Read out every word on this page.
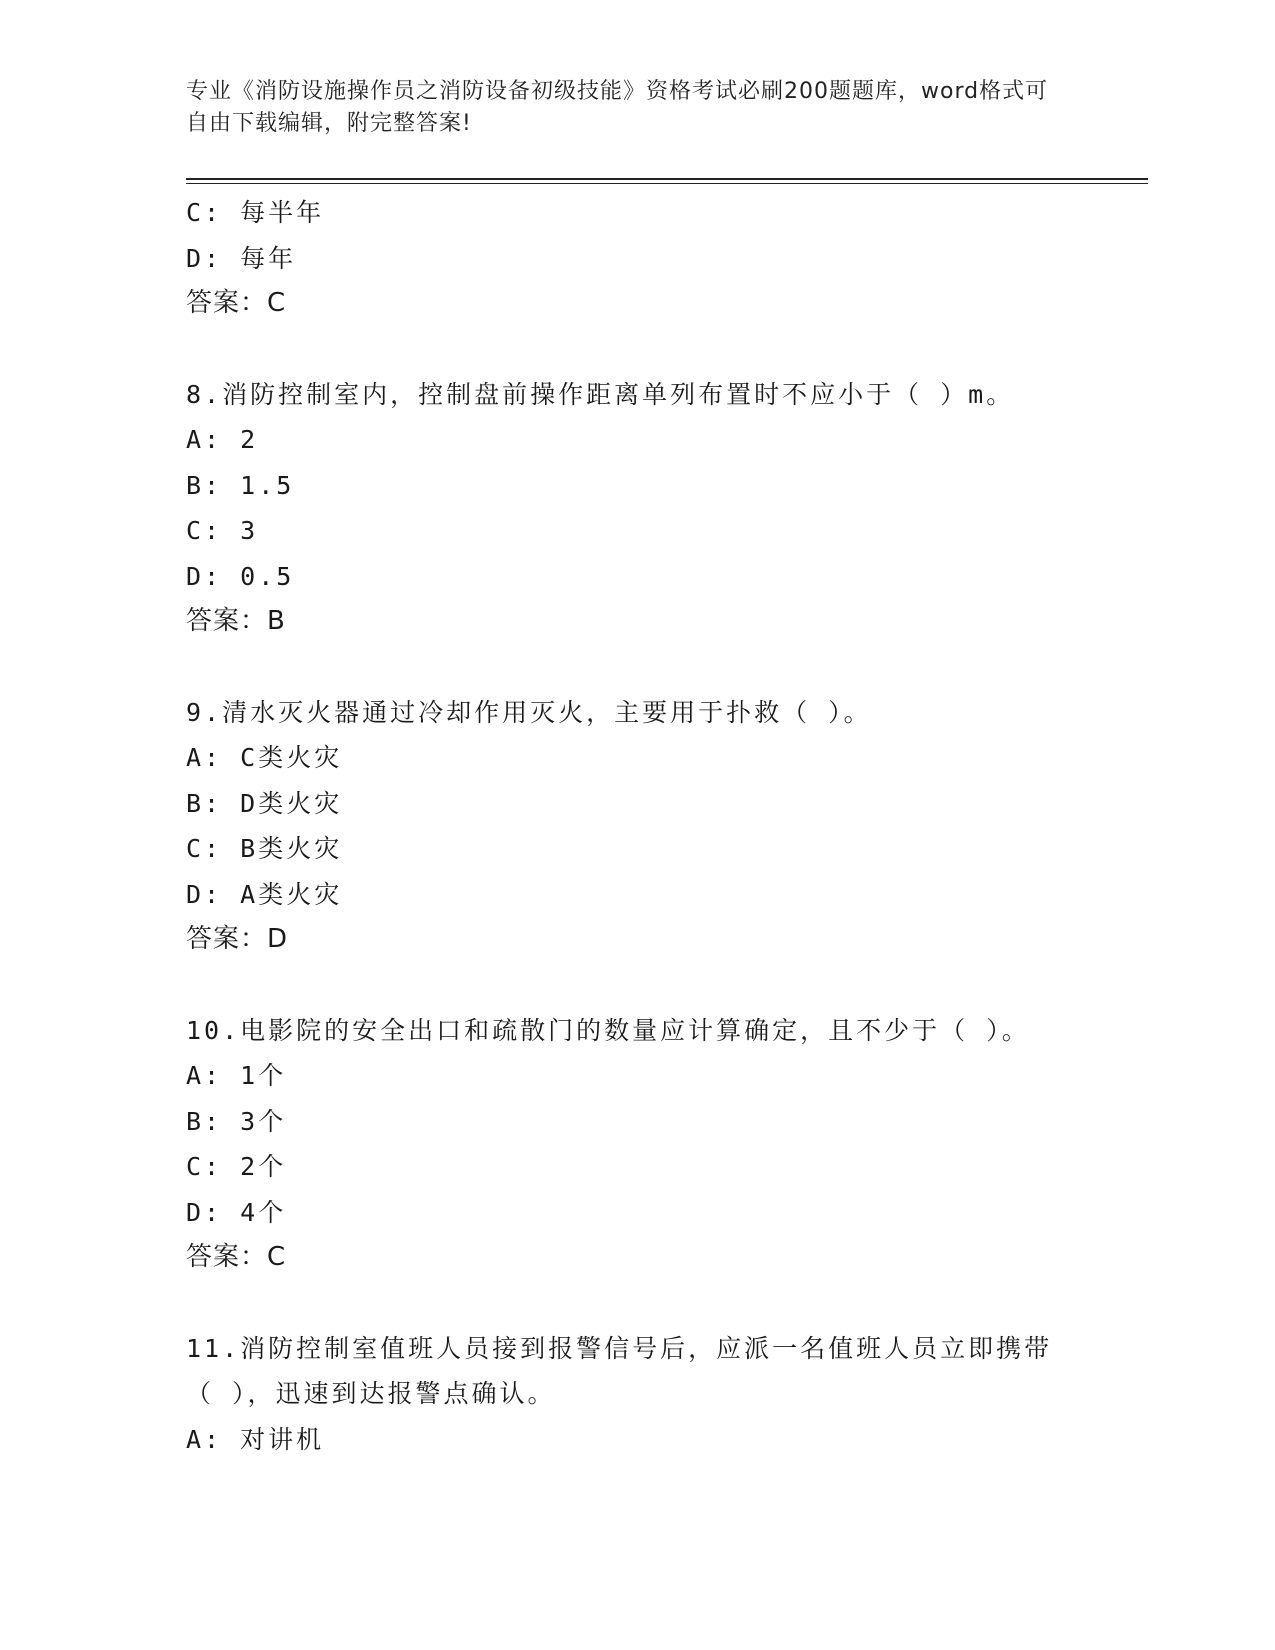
专业《消防设施操作员之消防设备初级技能》资格考试必刷200题题库，word格式可自由下载编辑，附完整答案!
C: 每半年
D: 每年
答案：C
8.消防控制室内，控制盘前操作距离单列布置时不应小于（ ）m。
A: 2
B: 1.5
C: 3
D: 0.5
答案：B
9.清水灭火器通过冷却作用灭火，主要用于扑救（ ）。
A: C类火灾
B: D类火灾
C: B类火灾
D: A类火灾
答案：D
10.电影院的安全出口和疏散门的数量应计算确定，且不少于（ ）。
A: 1个
B: 3个
C: 2个
D: 4个
答案：C
11.消防控制室值班人员接到报警信号后，应派一名值班人员立即携带（ ），迅速到达报警点确认。
A: 对讲机
